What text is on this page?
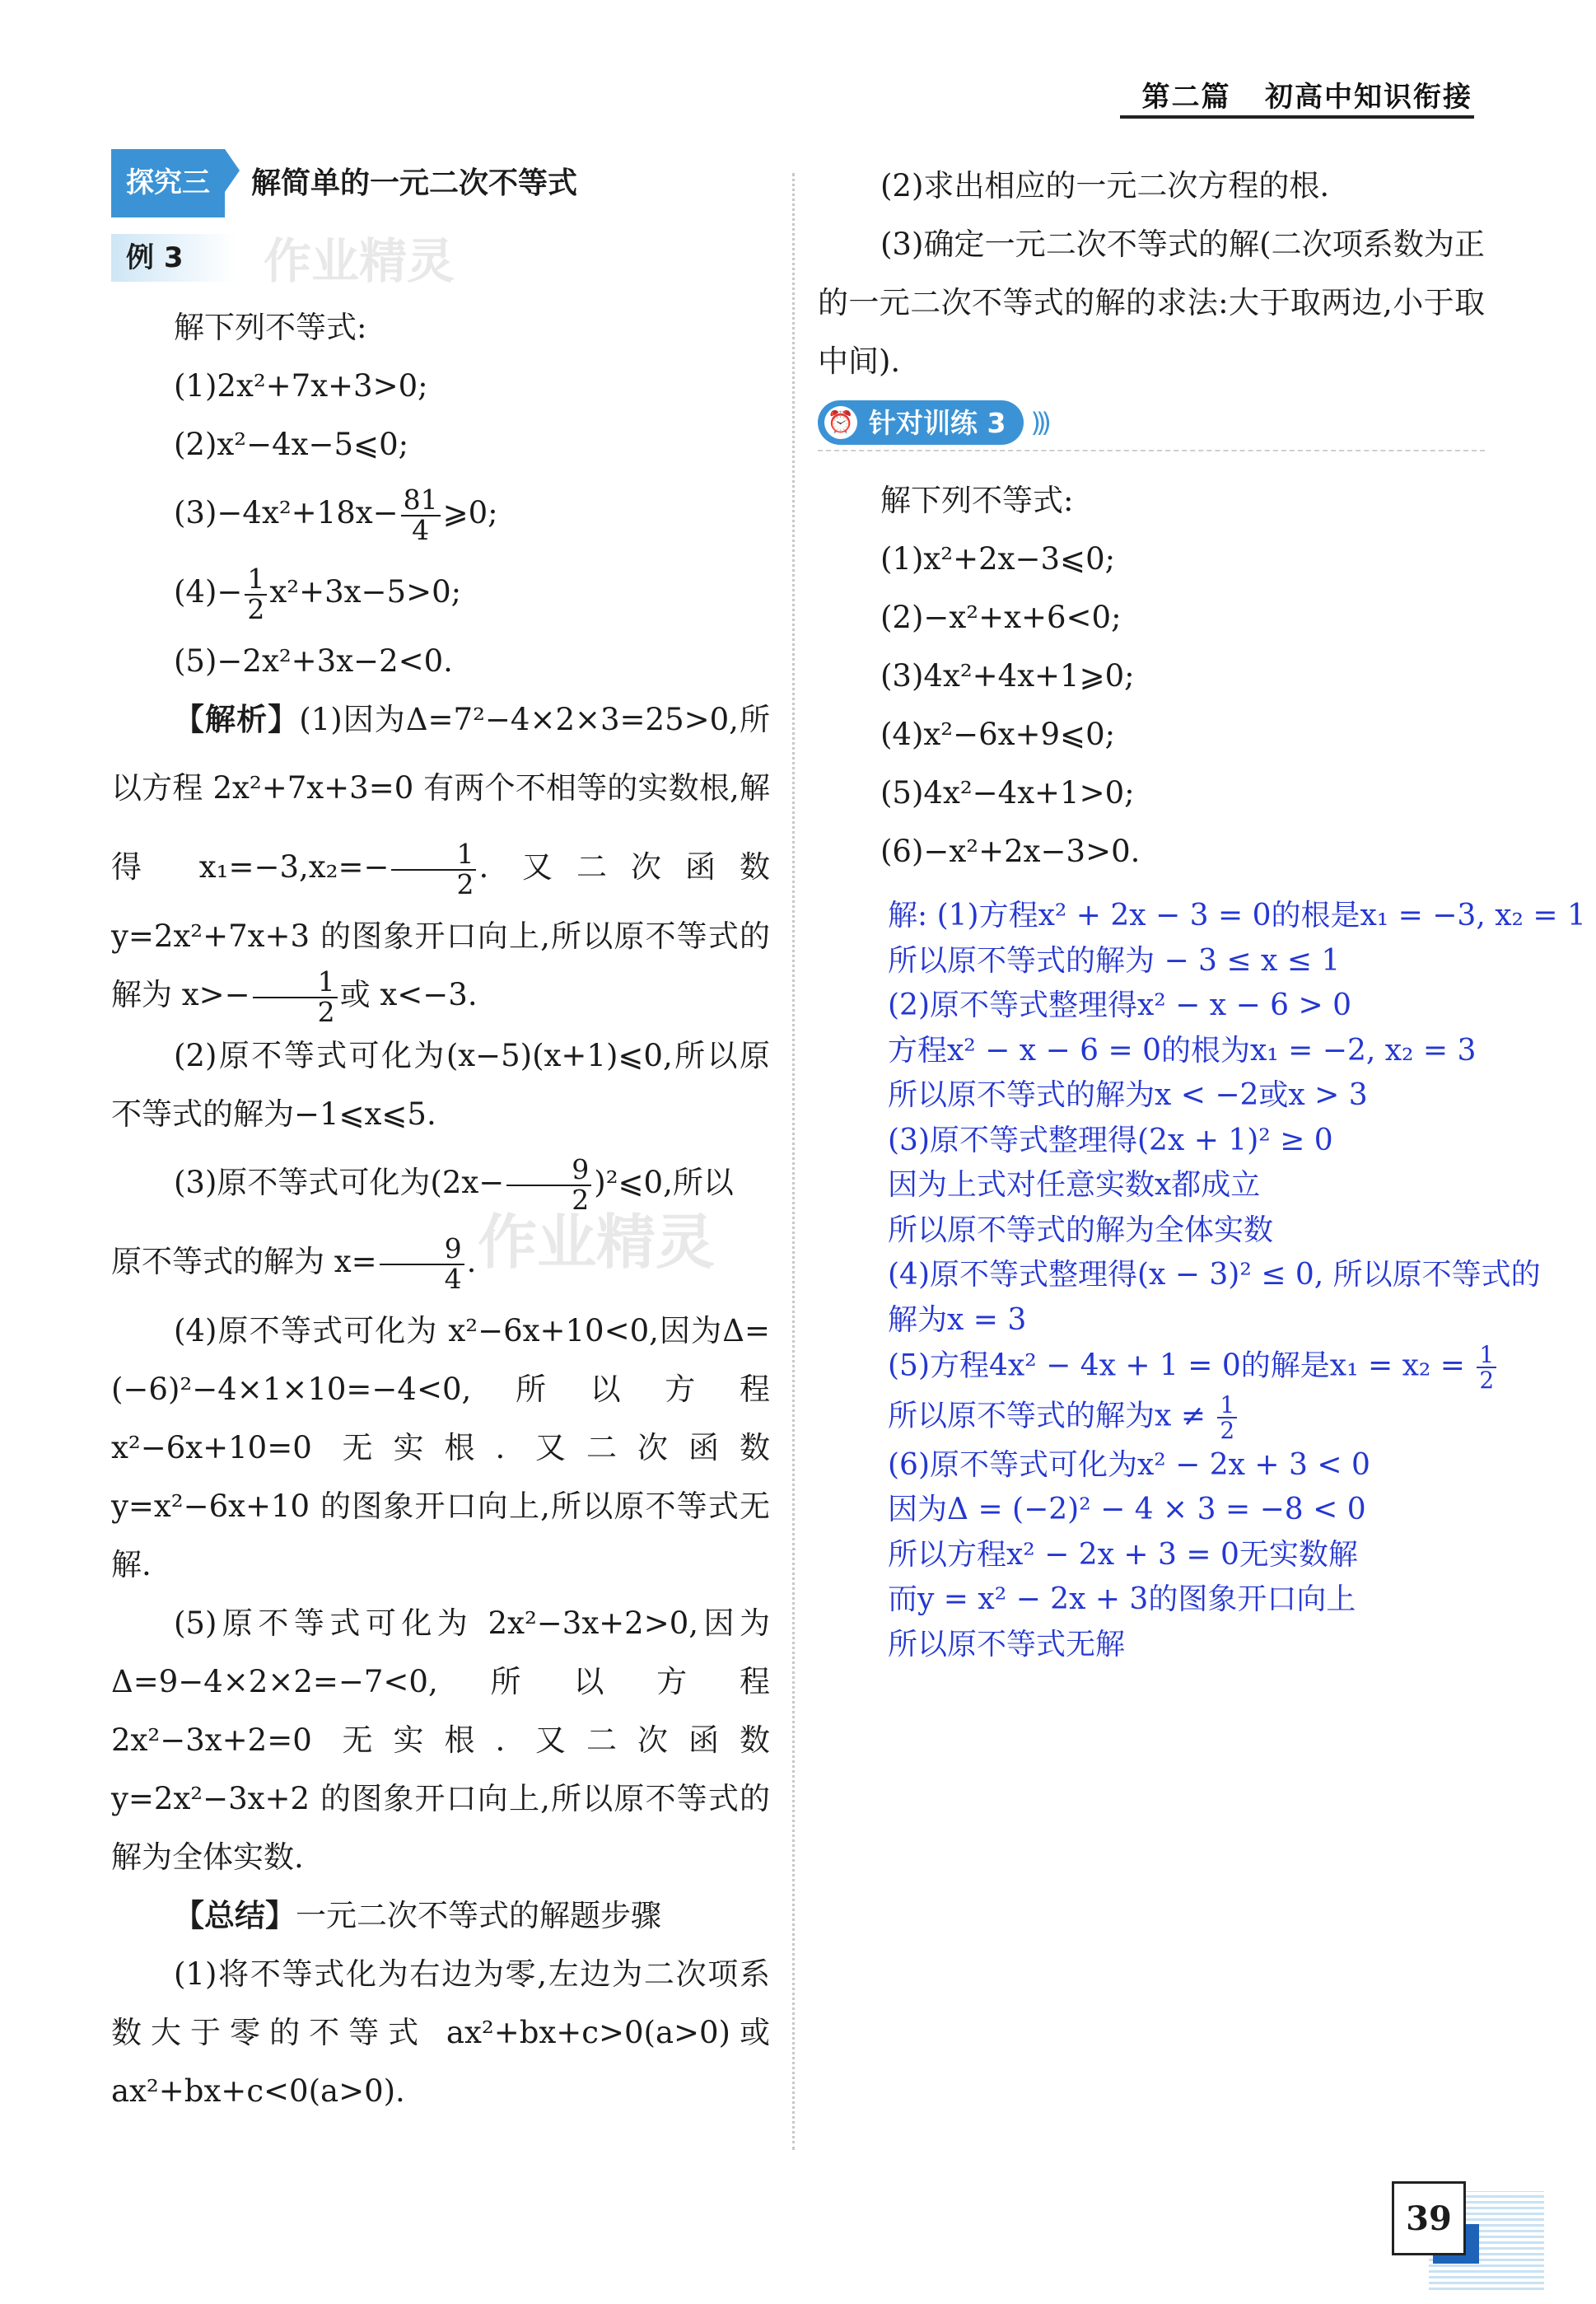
第二篇 初高中知识衔接
作业精灵
作业精灵
探究三	解简单的一元二次不等式
例 3

解下列不等式:

(1)2x²+7x+3>0;

(2)x²−4x−5⩽0;

$(3)-4x^2+18x- \frac{81}{4}$ ⩾0;

$(4)- \frac{1}{2} x^2+3x-5>0$;

(5)−2x²+3x−2<0.

【解析】(1)因为Δ=7²−4×2×3=25>0,所以方程 2x²+7x+3=0 有两个不相等的实数根,解得 $x_1=-3,x_2=- \frac{1}{2}$ . 又二次函数 y=2x²+7x+3 的图象开口向上,所以原不等式的解为 $x>- \frac{1}{2}$ 或 x<−3.

(2)原不等式可化为(x−5)(x+1)⩽0,所以原不等式的解为−1⩽x⩽5.

(3)原不等式可化为($2x- \frac{9}{2}$ )²⩽0,所以
原不等式的解为 $x= \frac{9}{4}$ .

(4)原不等式可化为 x²−6x+10<0,因为Δ=(−6)²−4×1×10=−4<0,所以方程x²−6x+10=0 无实根. 又二次函数 y=x²−6x+10 的图象开口向上,所以原不等式无解.

(5)原不等式可化为 2x²−3x+2>0,因为Δ=9−4×2×2=−7<0,所以方程 2x²−3x+2=0 无实根. 又二次函数 y=2x²−3x+2 的图象开口向上,所以原不等式的解为全体实数.

【总结】一元二次不等式的解题步骤

(1)将不等式化为右边为零,左边为二次项系数大于零的不等式 ax²+bx+c>0(a>0)或 ax²+bx+c<0(a>0).

(2)求出相应的一元二次方程的根.

(3)确定一元二次不等式的解(二次项系数为正的一元二次不等式的解的求法:大于取两边,小于取中间).

⏰ 针对训练 3 )))

解下列不等式:

(1)x²+2x−3⩽0;

(2)−x²+x+6<0;

(3)4x²+4x+1⩾0;

(4)x²−6x+9⩽0;

(5)4x²−4x+1>0;

(6)−x²+2x−3>0.

解: (1)方程x² + 2x − 3 = 0的根是x₁ = −3, x₂ = 1
所以原不等式的解为 − 3 ≤ x ≤ 1
(2)原不等式整理得x² − x − 6 > 0
方程x² − x − 6 = 0的根为x₁ = −2, x₂ = 3
所以原不等式的解为x < −2或x > 3
(3)原不等式整理得(2x + 1)² ≥ 0
因为上式对任意实数x都成立
所以原不等式的解为全体实数
(4)原不等式整理得(x − 3)² ≤ 0, 所以原不等式的
解为x = 3
(5)方程4x² − 4x + 1 = 0的解是$x_1 = x_2 = \frac{1}{2}$
所以原不等式的解为$x \ne \frac{1}{2}$
(6)原不等式可化为x² − 2x + 3 < 0
因为Δ = (−2)² − 4 × 3 = −8 < 0
所以方程x² − 2x + 3 = 0无实数解
而y = x² − 2x + 3的图象开口向上
所以原不等式无解
39
